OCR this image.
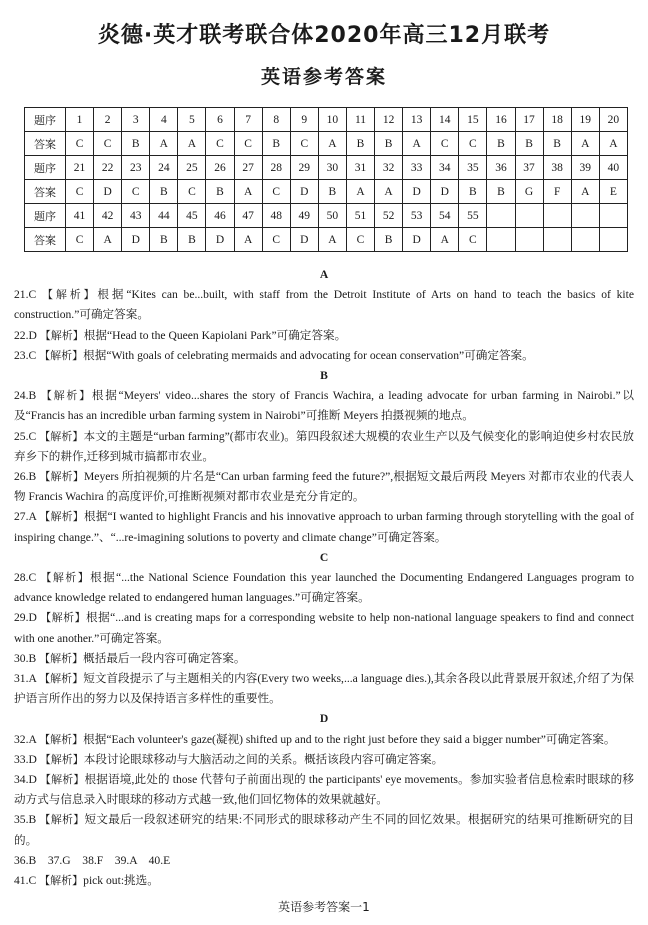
炎德·英才联考联合体2020年高三12月联考
英语参考答案
题序	1	2	3	4	5	6	7	8	9	10	11	12	13	14	15	16	17	18	19	20
答案	C	C	B	A	A	C	C	B	C	A	B	B	A	C	C	B	B	B	A	A
题序	21	22	23	24	25	26	27	28	29	30	31	32	33	34	35	36	37	38	39	40
答案	C	D	C	B	C	B	A	C	D	B	A	A	D	D	B	B	G	F	A	E
题序	41	42	43	44	45	46	47	48	49	50	51	52	53	54	55					
答案	C	A	D	B	B	D	A	C	D	A	C	B	D	A	C					
A
21.C 【解析】根据“Kites can be...built, with staff from the Detroit Institute of Arts on hand to teach the basics of kite construction.”可确定答案。
22.D 【解析】根据“Head to the Queen Kapiolani Park”可确定答案。
23.C 【解析】根据“With goals of celebrating mermaids and advocating for ocean conservation”可确定答案。
B
24.B 【解析】根据“Meyers' video...shares the story of Francis Wachira, a leading advocate for urban farming in Nairobi.”以及“Francis has an incredible urban farming system in Nairobi”可推断 Meyers 拍摄视频的地点。
25.C 【解析】本文的主题是“urban farming”(都市农业)。第四段叙述大规模的农业生产以及气候变化的影响迫使乡村农民放弃乡下的耕作,迁移到城市搞都市农业。
26.B 【解析】Meyers 所拍视频的片名是“Can urban farming feed the future?”,根据短文最后两段 Meyers 对都市农业的代表人物 Francis Wachira 的高度评价,可推断视频对都市农业是充分肯定的。
27.A 【解析】根据“I wanted to highlight Francis and his innovative approach to urban farming through storytelling with the goal of inspiring change.”、“...re-imagining solutions to poverty and climate change”可确定答案。
C
28.C 【解析】根据“...the National Science Foundation this year launched the Documenting Endangered Languages program to advance knowledge related to endangered human languages.”可确定答案。
29.D 【解析】根据“...and is creating maps for a corresponding website to help non-national language speakers to find and connect with one another.”可确定答案。
30.B 【解析】概括最后一段内容可确定答案。
31.A 【解析】短文首段提示了与主题相关的内容(Every two weeks,...a language dies.),其余各段以此背景展开叙述,介绍了为保护语言所作出的努力以及保持语言多样性的重要性。
D
32.A 【解析】根据“Each volunteer's gaze(凝视) shifted up and to the right just before they said a bigger number”可确定答案。
33.D 【解析】本段讨论眼球移动与大脑活动之间的关系。概括该段内容可确定答案。
34.D 【解析】根据语境,此处的 those 代替句子前面出现的 the participants' eye movements。参加实验者信息检索时眼球的移动方式与信息录入时眼球的移动方式越一致,他们回忆物体的效果就越好。
35.B 【解析】短文最后一段叙述研究的结果:不同形式的眼球移动产生不同的回忆效果。根据研究的结果可推断研究的目的。
36.B　37.G　38.F　39.A　40.E
41.C 【解析】pick out:挑选。
英语参考答案一1
